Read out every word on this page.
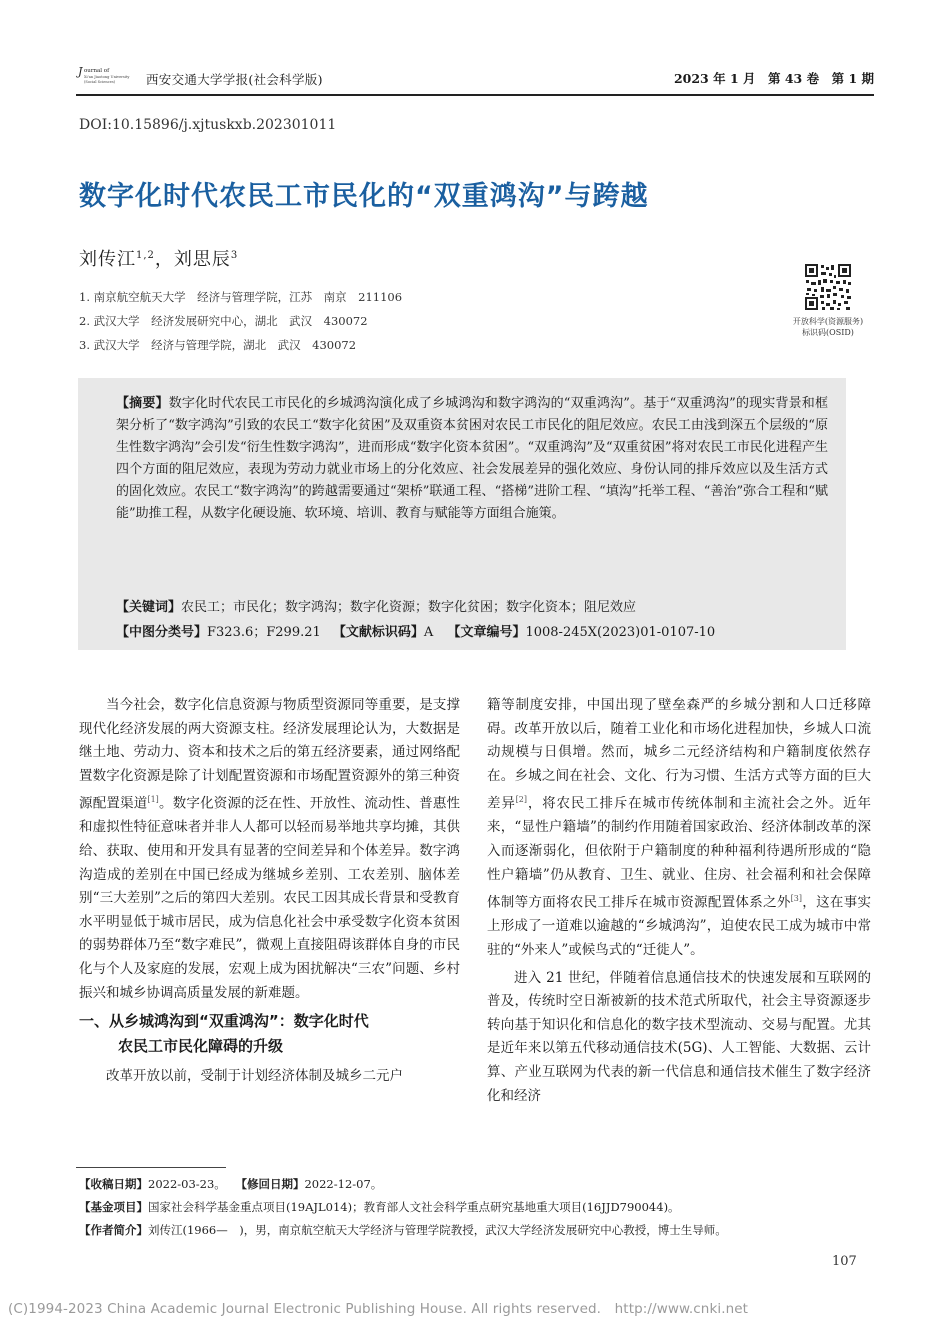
J ournal of
Xi'an Jiaotong University
(Social Sciences) 西安交通大学学报(社会科学版)	2023 年 1 月　第 43 卷　第 1 期
DOI:10.15896/j.xjtuskxb.202301011
数字化时代农民工市民化的“双重鸿沟”与跨越
刘传江$^{1,2}$，刘思辰$^3$
1. 南京航空航天大学　经济与管理学院，江苏　南京　211106
2. 武汉大学　经济发展研究中心，湖北　武汉　430072
3. 武汉大学　经济与管理学院，湖北　武汉　430072
开放科学(资源服务)
标识码(OSID)
【摘要】数字化时代农民工市民化的乡城鸿沟演化成了乡城鸿沟和数字鸿沟的“双重鸿沟”。基于“双重鸿沟”的现实背景和框架分析了“数字鸿沟”引致的农民工“数字化贫困”及双重资本贫困对农民工市民化的阻尼效应。农民工由浅到深五个层级的“原生性数字鸿沟”会引发“衍生性数字鸿沟”，进而形成“数字化资本贫困”。“双重鸿沟”及“双重贫困”将对农民工市民化进程产生四个方面的阻尼效应，表现为劳动力就业市场上的分化效应、社会发展差异的强化效应、身份认同的排斥效应以及生活方式的固化效应。农民工“数字鸿沟”的跨越需要通过“架桥”联通工程、“搭梯”进阶工程、“填沟”托举工程、“善治”弥合工程和“赋能”助推工程，从数字化硬设施、软环境、培训、教育与赋能等方面组合施策。
【关键词】农民工；市民化；数字鸿沟；数字化资源；数字化贫困；数字化资本；阻尼效应
【中图分类号】F323.6；F299.21 【文献标识码】A 【文章编号】1008-245X(2023)01-0107-10

当今社会，数字化信息资源与物质型资源同等重要，是支撑现代化经济发展的两大资源支柱。经济发展理论认为，大数据是继土地、劳动力、资本和技术之后的第五经济要素，通过网络配置数字化资源是除了计划配置资源和市场配置资源外的第三种资源配置渠道[1]。数字化资源的泛在性、开放性、流动性、普惠性和虚拟性特征意味者并非人人都可以轻而易举地共享均摊，其供给、获取、使用和开发具有显著的空间差异和个体差异。数字鸿沟造成的差别在中国已经成为继城乡差别、工农差别、脑体差别“三大差别”之后的第四大差别。农民工因其成长背景和受教育水平明显低于城市居民，成为信息化社会中承受数字化资本贫困的弱势群体乃至“数字难民”，微观上直接阻碍该群体自身的市民化与个人及家庭的发展，宏观上成为困扰解决“三农”问题、乡村振兴和城乡协调高质量发展的新难题。

一、从乡城鸿沟到“双重鸿沟”：数字化时代
农民工市民化障碍的升级

改革开放以前，受制于计划经济体制及城乡二元户

籍等制度安排，中国出现了壁垒森严的乡城分割和人口迁移障碍。改革开放以后，随着工业化和市场化进程加快，乡城人口流动规模与日俱增。然而，城乡二元经济结构和户籍制度依然存在。乡城之间在社会、文化、行为习惯、生活方式等方面的巨大差异[2]，将农民工排斥在城市传统体制和主流社会之外。近年来，“显性户籍墙”的制约作用随着国家政治、经济体制改革的深入而逐渐弱化，但依附于户籍制度的种种福利待遇所形成的“隐性户籍墙”仍从教育、卫生、就业、住房、社会福利和社会保障体制等方面将农民工排斥在城市资源配置体系之外[3]，这在事实上形成了一道难以逾越的“乡城鸿沟”，迫使农民工成为城市中常驻的“外来人”或候鸟式的“迁徙人”。

进入 21 世纪，伴随着信息通信技术的快速发展和互联网的普及，传统时空日渐被新的技术范式所取代，社会主导资源逐步转向基于知识化和信息化的数字技术型流动、交易与配置。尤其是近年来以第五代移动通信技术(5G)、人工智能、大数据、云计算、产业互联网为代表的新一代信息和通信技术催生了数字经济化和经济

【收稿日期】2022-03-23。 【修回日期】2022-12-07。
【基金项目】国家社会科学基金重点项目(19AJL014)；教育部人文社会科学重点研究基地重大项目(16JJD790044)。
【作者简介】刘传江(1966—　)，男，南京航空航天大学经济与管理学院教授，武汉大学经济发展研究中心教授，博士生导师。
107
(C)1994-2023 China Academic Journal Electronic Publishing House. All rights reserved.　http://www.cnki.net
